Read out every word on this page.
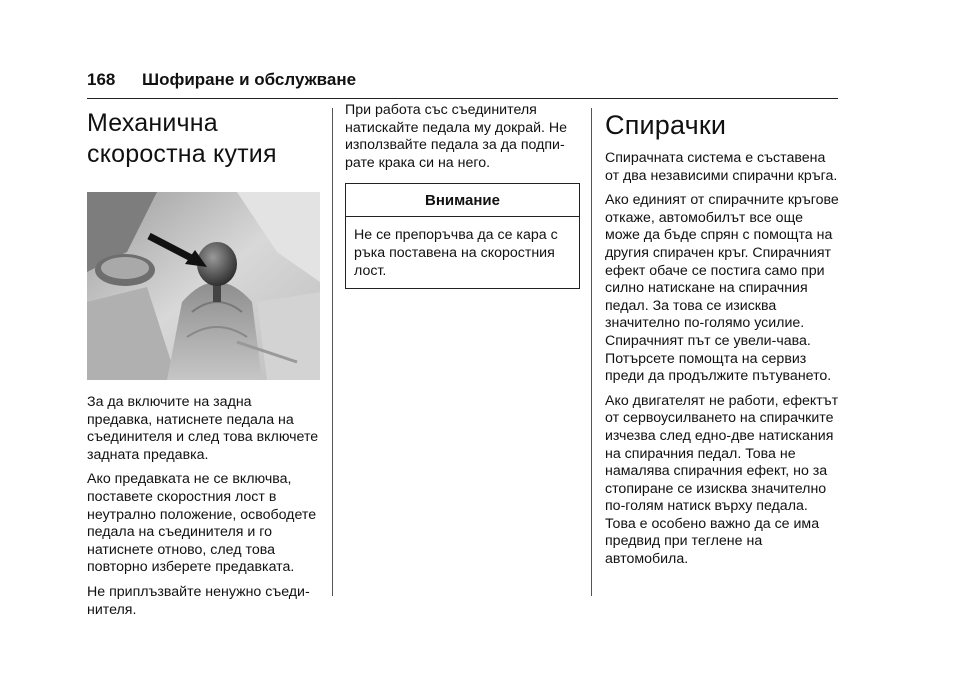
168	Шофиране и обслужване
Механична
скоростна кутия

За да включите на задна предавка, натиснете педала на съединителя и след това включете задната предавка.

Ако предавката не се включва, поставете скоростния лост в неутрално положение, освободете педала на съединителя и го натиснете отново, след това повторно изберете предавката.

Не приплъзвайте ненужно съеди-нителя.

При работа със съединителя натискайте педала му докрай. Не използвайте педала за да подпи-рате крака си на него.

Внимание

Не се препоръчва да се кара с ръка поставена на скоростния лост.

Спирачки

Спирачната система е съставена от два независими спирачни кръга.

Ако единият от спирачните кръгове откаже, автомобилът все още може да бъде спрян с помощта на другия спирачен кръг. Спирачният ефект обаче се постига само при силно натискане на спирачния педал. За това се изисква значително по-голямо усилие. Спирачният път се увели-чава. Потърсете помощта на сервиз преди да продължите пътуването.

Ако двигателят не работи, ефектът от сервоусилването на спирачките изчезва след едно-две натискания на спирачния педал. Това не намалява спирачния ефект, но за стопиране се изисква значително по-голям натиск върху педала. Това е особено важно да се има предвид при теглене на автомобила.
